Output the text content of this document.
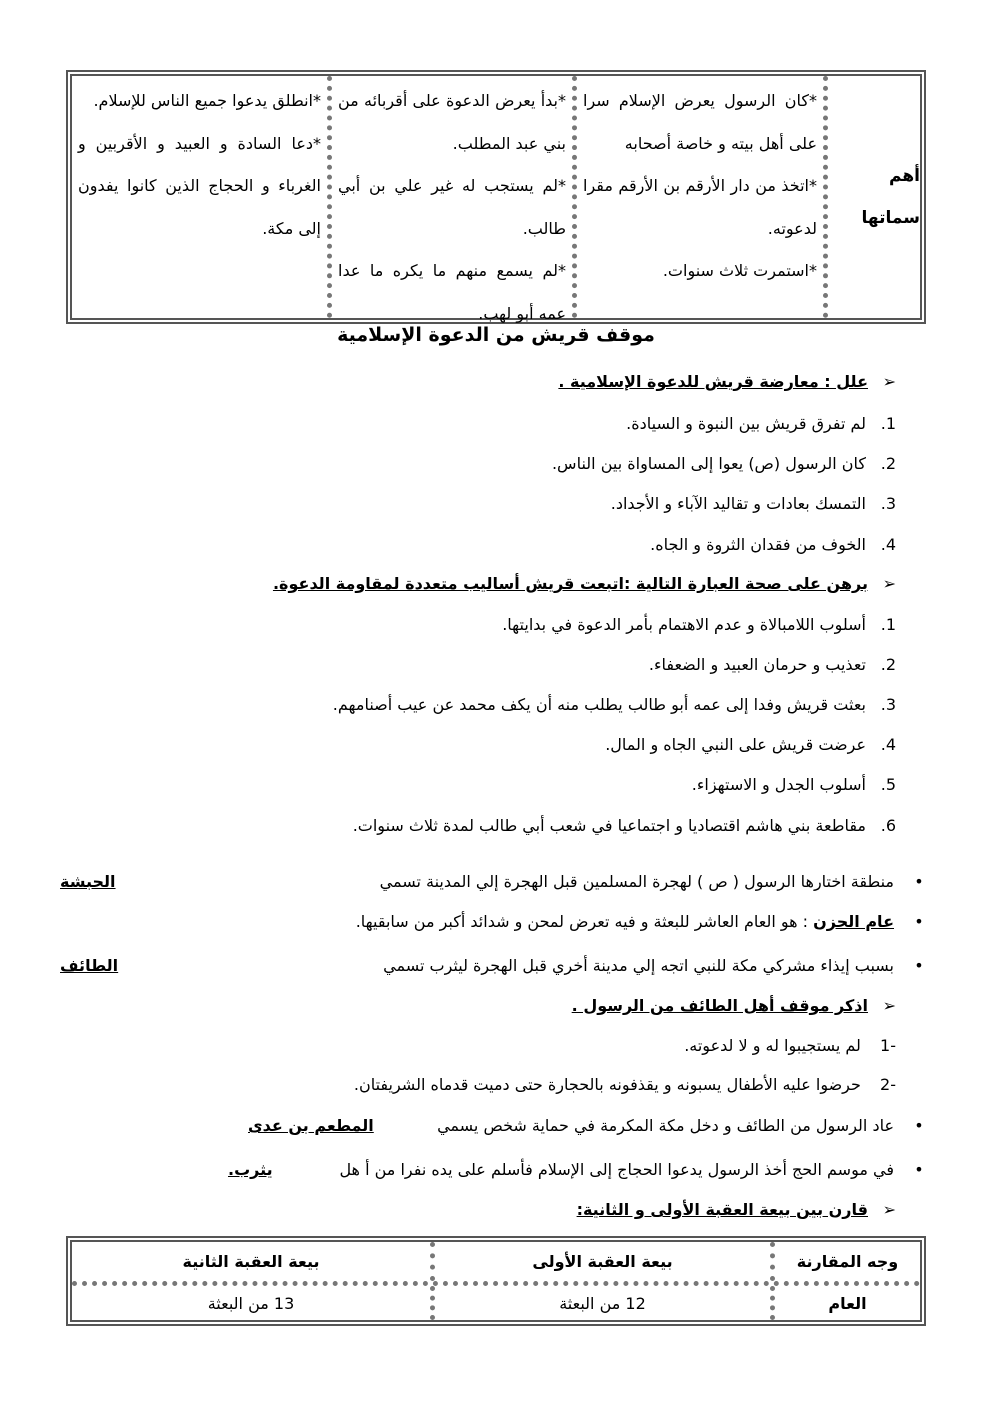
أهم سماتها

*كان الرسول يعرض الإسلام سرا على أهل بيته و خاصة أصحابه

*اتخذ من دار الأرقم بن الأرقم مقرا لدعوته.

*استمرت ثلاث سنوات.

*بدأ يعرض الدعوة على أقربائه من بني عبد المطلب.

*لم يستجب له غير علي بن أبي طالب.

*لم يسمع منهم ما يكره ما عدا عمه أبو لهب.

*انطلق يدعوا جميع الناس للإسلام.

*دعا السادة و العبيد و الأقربين و الغرباء و الحجاج الذين كانوا يفدون إلى مكة.

موقف قريش من الدعوة الإسلامية
➢علل : معارضة قريش للدعوة الإسلامية .
1.لم تفرق قريش بين النبوة و السيادة.
2.كان الرسول (ص) يعوا إلى المساواة بين الناس.
3.التمسك بعادات و تقاليد الآباء و الأجداد.
4.الخوف من فقدان الثروة و الجاه.
➢برهن على صحة العبارة التالية :اتبعت قريش أساليب متعددة لمقاومة الدعوة.
1.أسلوب اللامبالاة و عدم الاهتمام بأمر الدعوة في بدايتها.
2.تعذيب و حرمان العبيد و الضعفاء.
3.بعثت قريش وفدا إلى عمه أبو طالب يطلب منه أن يكف محمد عن عيب أصنامهم.
4.عرضت قريش على النبي الجاه و المال.
5.أسلوب الجدل و الاستهزاء.
6.مقاطعة بني هاشم اقتصاديا و اجتماعيا في شعب أبي طالب لمدة ثلاث سنوات.
•منطقة اختارها الرسول ( ص ) لهجرة المسلمين قبل الهجرة إلي المدينة تسمي
الحبشة
•عام الحزن : هو العام العاشر للبعثة و فيه تعرض لمحن و شدائد أكبر من سابقيها.
•بسبب إيذاء مشركي مكة للنبي اتجه إلي مدينة أخري قبل الهجرة ليثرب تسمي
الطائف
➢اذكر موقف أهل الطائف من الرسول .
-1 لم يستجيبوا له و لا لدعوته.
-2 حرضوا عليه الأطفال يسبونه و يقذفونه بالحجارة حتى دميت قدماه الشريفتان.
•عاد الرسول من الطائف و دخل مكة المكرمة في حماية شخص يسمي
المطعم بن عدى
•في موسم الحج أخذ الرسول يدعوا الحجاج إلى الإسلام فأسلم على يده نفرا من أ هل
يثرب.
➢قارن بين بيعة العقبة الأولى و الثانية:
وجه المقارنة
بيعة العقبة الأولى
بيعة العقبة الثانية
العام
12 من البعثة
13 من البعثة
